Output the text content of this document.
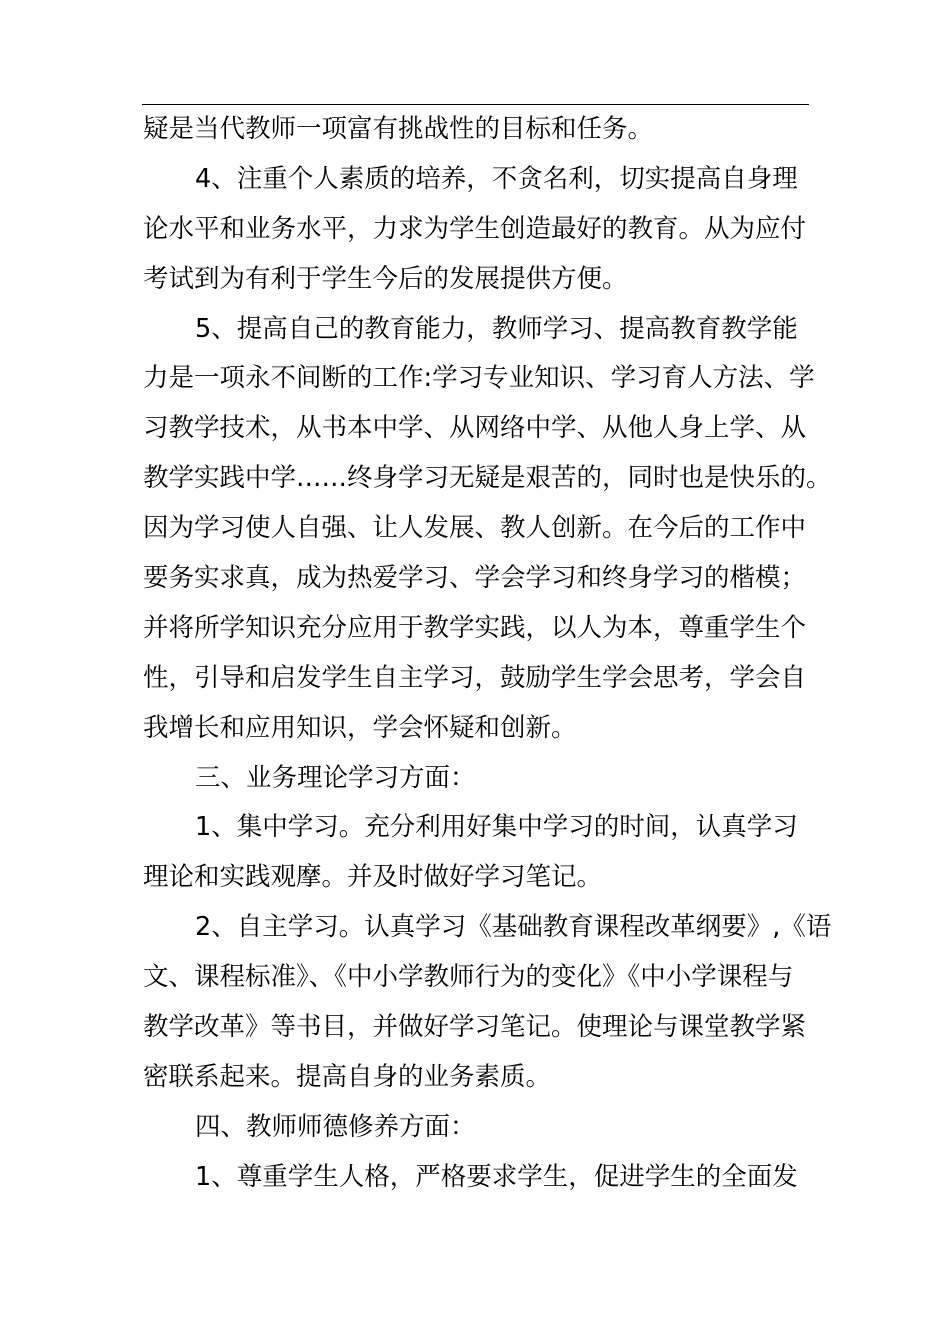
疑是当代教师一项富有挑战性的目标和任务。
4、注重个人素质的培养，不贪名利，切实提高自身理
论水平和业务水平，力求为学生创造最好的教育。从为应付
考试到为有利于学生今后的发展提供方便。
5、提高自己的教育能力，教师学习、提高教育教学能
力是一项永不间断的工作:学习专业知识、学习育人方法、学
习教学技术，从书本中学、从网络中学、从他人身上学、从
教学实践中学……终身学习无疑是艰苦的，同时也是快乐的。
因为学习使人自强、让人发展、教人创新。在今后的工作中
要务实求真，成为热爱学习、学会学习和终身学习的楷模；
并将所学知识充分应用于教学实践，以人为本，尊重学生个
性，引导和启发学生自主学习，鼓励学生学会思考，学会自
我增长和应用知识，学会怀疑和创新。
三、业务理论学习方面：
1、集中学习。充分利用好集中学习的时间，认真学习
理论和实践观摩。并及时做好学习笔记。
2、自主学习。认真学习《基础教育课程改革纲要》,《语
文、课程标准》、《中小学教师行为的变化》《中小学课程与
教学改革》等书目，并做好学习笔记。使理论与课堂教学紧
密联系起来。提高自身的业务素质。
四、教师师德修养方面：
1、尊重学生人格，严格要求学生，促进学生的全面发
